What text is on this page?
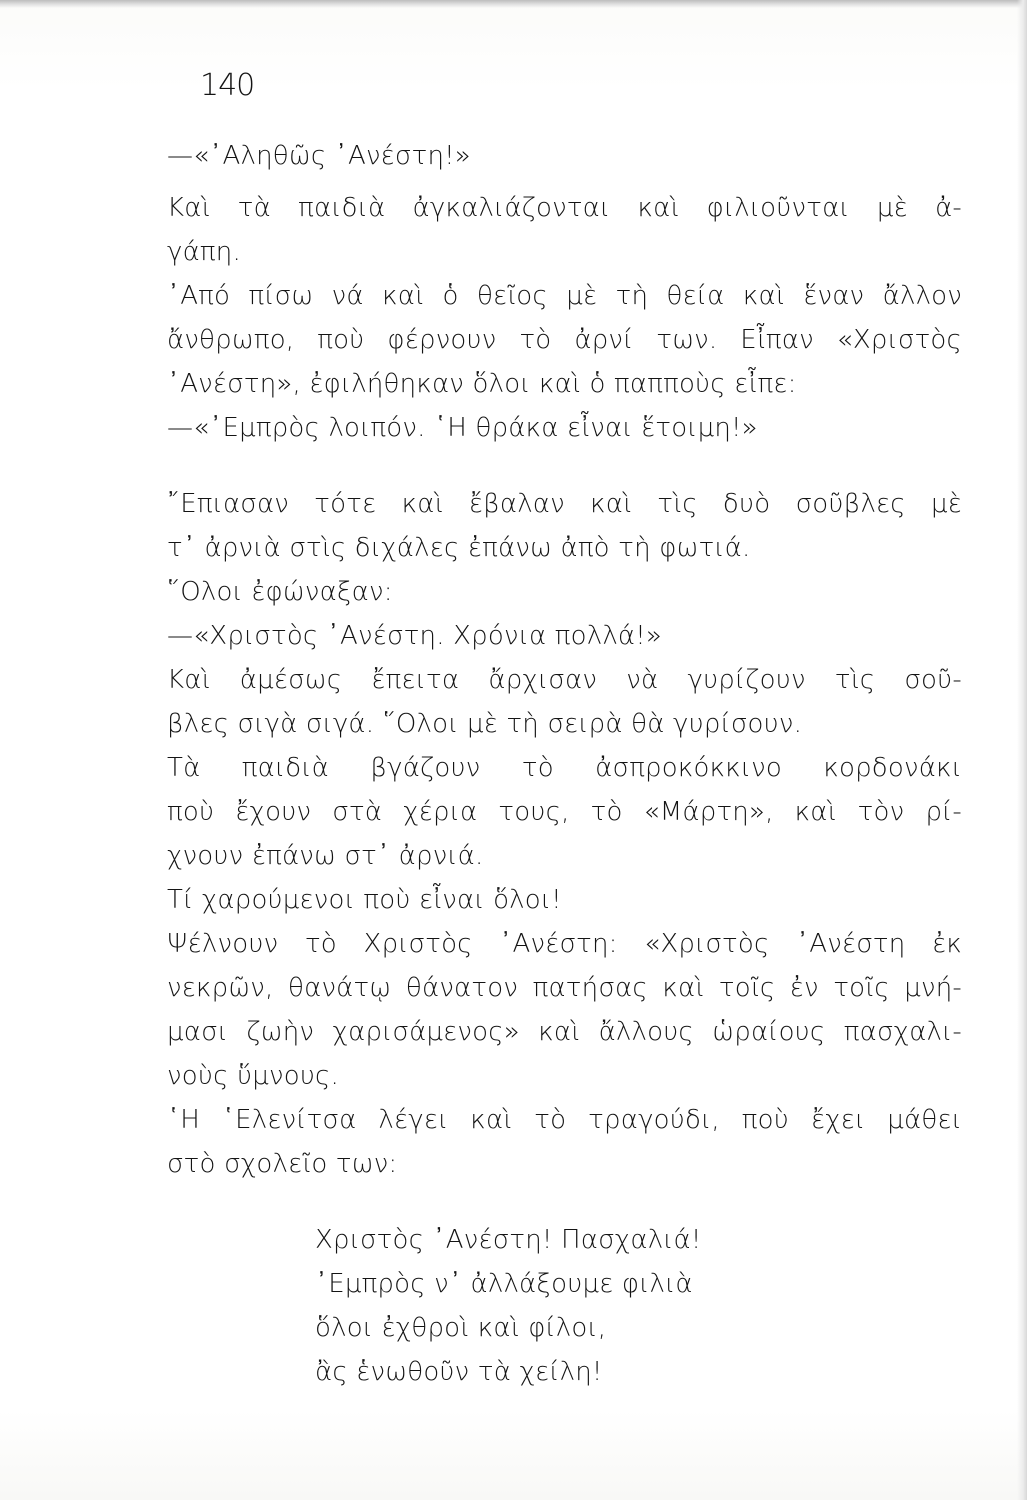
140
—«᾽Αληθῶς ᾽Ανέστη!»
Καὶ τὰ παιδιὰ ἀγκαλιάζονται καὶ φιλιοῦνται μὲ ἀ-
γάπη.
᾽Από πίσω νά καὶ ὁ θεῖος μὲ τὴ θεία καὶ ἕναν ἄλλον
ἄνθρωπο, ποὺ φέρνουν τὸ ἀρνί των. Εἶπαν «Χριστὸς
᾽Ανέστη», ἐφιλήθηκαν ὅλοι καὶ ὁ παπποὺς εἶπε:
—«᾽Εμπρὸς λοιπόν. ῾Η θράκα εἶναι ἕτοιμη!»
῎Επιασαν τότε καὶ ἔβαλαν καὶ τὶς δυὸ σοῦβλες μὲ
τ᾽ ἀρνιὰ στὶς διχάλες ἐπάνω ἀπὸ τὴ φωτιά.
῞Ολοι ἐφώναξαν:
—«Χριστὸς ᾽Ανέστη. Χρόνια πολλά!»
Καὶ ἀμέσως ἔπειτα ἄρχισαν νὰ γυρίζουν τὶς σοῦ-
βλες σιγὰ σιγά. ῞Ολοι μὲ τὴ σειρὰ θὰ γυρίσουν.
Τὰ παιδιὰ βγάζουν τὸ ἀσπροκόκκινο κορδονάκι
ποὺ ἔχουν στὰ χέρια τους, τὸ «Μάρτη», καὶ τὸν ρί-
χνουν ἐπάνω στ᾽ ἀρνιά.
Τί χαρούμενοι ποὺ εἶναι ὅλοι!
Ψέλνουν τὸ Χριστὸς ᾽Ανέστη: «Χριστὸς ᾽Ανέστη ἐκ
νεκρῶν, θανάτῳ θάνατον πατήσας καὶ τοῖς ἐν τοῖς μνή-
μασι ζωὴν χαρισάμενος» καὶ ἄλλους ὡραίους πασχαλι-
νοὺς ὕμνους.
῾Η ῾Ελενίτσα λέγει καὶ τὸ τραγούδι, ποὺ ἔχει μάθει
στὸ σχολεῖο των:
Χριστὸς ᾽Ανέστη! Πασχαλιά!
᾽Εμπρὸς ν᾽ ἀλλάξουμε φιλιὰ
ὅλοι ἐχθροὶ καὶ φίλοι,
ἂς ἑνωθοῦν τὰ χείλη!
